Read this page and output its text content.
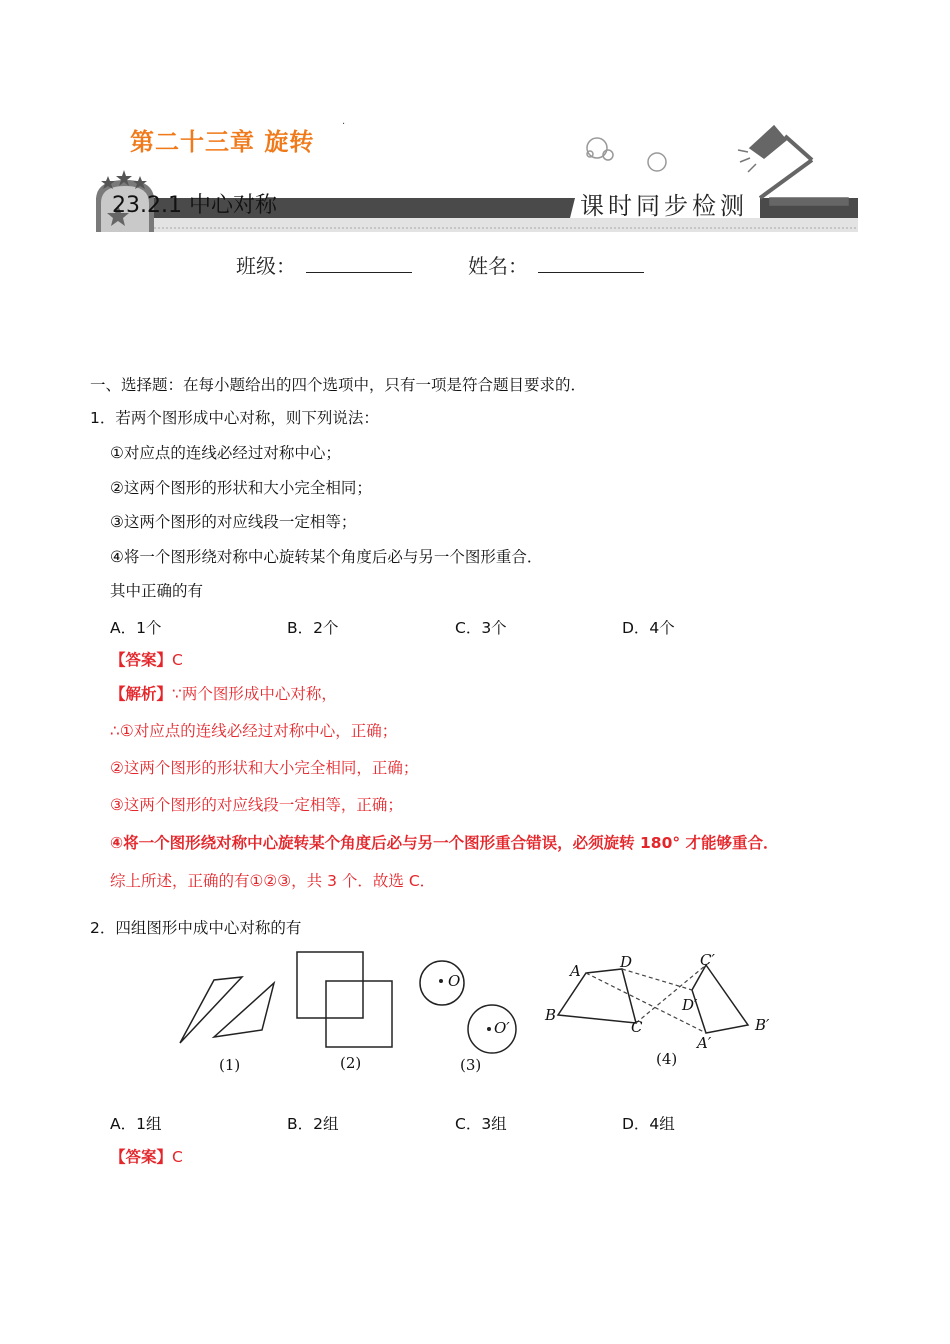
.
第二十三章 旋转
23.2.1 中心对称	课时同步检测
班级：	姓名：
一、选择题：在每小题给出的四个选项中，只有一项是符合题目要求的．
1．若两个图形成中心对称，则下列说法：
①对应点的连线必经过对称中心；
②这两个图形的形状和大小完全相同；
③这两个图形的对应线段一定相等；
④将一个图形绕对称中心旋转某个角度后必与另一个图形重合．
其中正确的有
A．1个	B．2个	C．3个	D．4个
【答案】C
【解析】∵两个图形成中心对称，
∴①对应点的连线必经过对称中心，正确；
②这两个图形的形状和大小完全相同，正确；
③这两个图形的对应线段一定相等，正确；
④将一个图形绕对称中心旋转某个角度后必与另一个图形重合错误，必须旋转 180° 才能够重合．
综上所述，正确的有①②③，共 3 个．故选 C．
2．四组图形中成中心对称的有
O
O′
A	D
B
C
C′
D′
A′
B′
(1)	(2)	(3)	(4)
A．1组	B．2组	C．3组	D．4组
【答案】C
